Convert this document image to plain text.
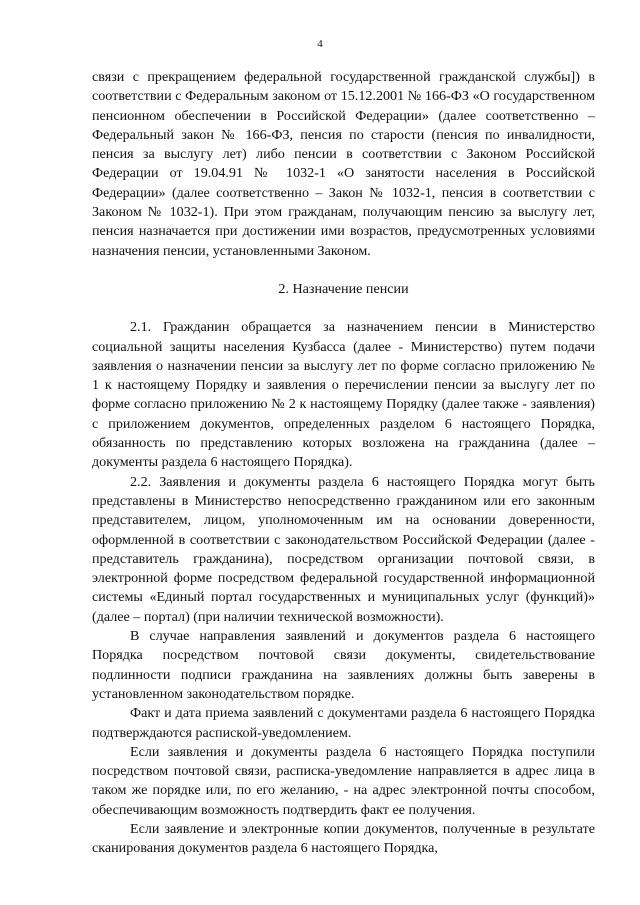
4

связи с прекращением федеральной государственной гражданской службы]) в соответствии с Федеральным законом от 15.12.2001 № 166-ФЗ «О государственном пенсионном обеспечении в Российской Федерации» (далее соответственно – Федеральный закон № 166-ФЗ, пенсия по старости (пенсия по инвалидности, пенсия за выслугу лет) либо пенсии в соответствии с Законом Российской Федерации от 19.04.91 № 1032-1 «О занятости населения в Российской Федерации» (далее соответственно – Закон № 1032-1, пенсия в соответствии с Законом № 1032-1). При этом гражданам, получающим пенсию за выслугу лет, пенсия назначается при достижении ими возрастов, предусмотренных условиями назначения пенсии, установленными Законом.

2. Назначение пенсии

2.1. Гражданин обращается за назначением пенсии в Министерство социальной защиты населения Кузбасса (далее - Министерство) путем подачи заявления о назначении пенсии за выслугу лет по форме согласно приложению № 1 к настоящему Порядку и заявления о перечислении пенсии за выслугу лет по форме согласно приложению № 2 к настоящему Порядку (далее также - заявления) с приложением документов, определенных разделом 6 настоящего Порядка, обязанность по представлению которых возложена на гражданина (далее – документы раздела 6 настоящего Порядка).

2.2. Заявления и документы раздела 6 настоящего Порядка могут быть представлены в Министерство непосредственно гражданином или его законным представителем, лицом, уполномоченным им на основании доверенности, оформленной в соответствии с законодательством Российской Федерации (далее - представитель гражданина), посредством организации почтовой связи, в электронной форме посредством федеральной государственной информационной системы «Единый портал государственных и муниципальных услуг (функций)» (далее – портал) (при наличии технической возможности).

В случае направления заявлений и документов раздела 6 настоящего Порядка посредством почтовой связи документы, свидетельствование подлинности подписи гражданина на заявлениях должны быть заверены в установленном законодательством порядке.

Факт и дата приема заявлений с документами раздела 6 настоящего Порядка подтверждаются распиской-уведомлением.

Если заявления и документы раздела 6 настоящего Порядка поступили посредством почтовой связи, расписка-уведомление направляется в адрес лица в таком же порядке или, по его желанию, - на адрес электронной почты способом, обеспечивающим возможность подтвердить факт ее получения.

Если заявление и электронные копии документов, полученные в результате сканирования документов раздела 6 настоящего Порядка,
